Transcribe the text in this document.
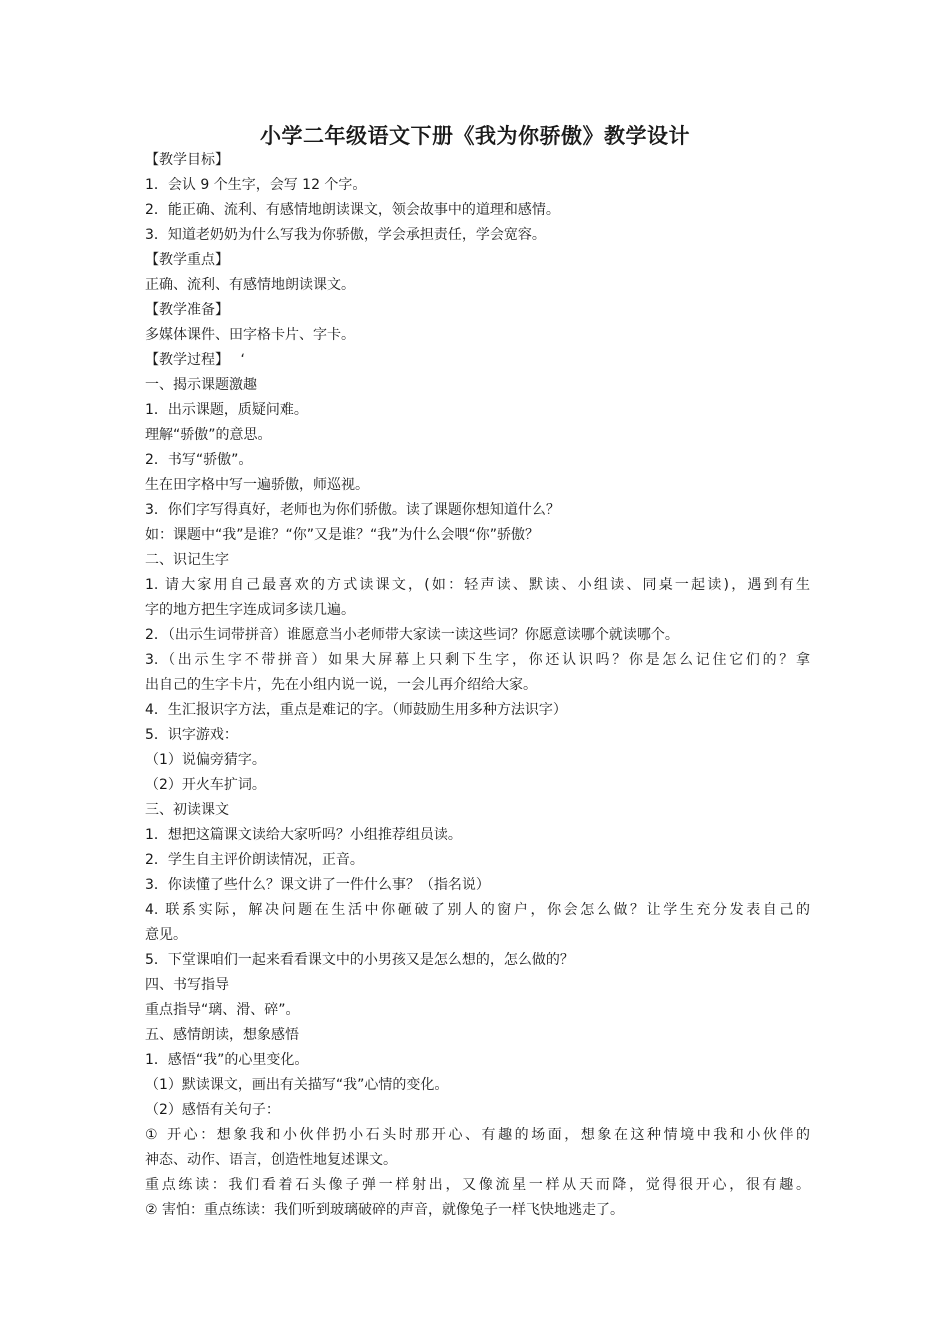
小学二年级语文下册《我为你骄傲》教学设计
【教学目标】
1．会认 9 个生字，会写 12 个字。
2．能正确、流利、有感情地朗读课文，领会故事中的道理和感情。
3．知道老奶奶为什么写我为你骄傲，学会承担责任，学会宽容。
【教学重点】
正确、流利、有感情地朗读课文。
【教学准备】
多媒体课件、田字格卡片、字卡。
【教学过程】　 ‘
一、揭示课题激趣
1．出示课题，质疑问难。
理解“骄傲”的意思。
2．书写“骄傲”。
生在田字格中写一遍骄傲，师巡视。
3．你们字写得真好，老师也为你们骄傲。读了课题你想知道什么？
如：课题中“我”是谁？“你”又是谁？“我”为什么会喂“你”骄傲？
二、识记生字
1. 请大家用自己最喜欢的方式读课文，(如：轻声读、默读、小组读、同桌一起读)，遇到有生
字的地方把生字连成词多读几遍。
2．（出示生词带拼音）谁愿意当小老师带大家读一读这些词？你愿意读哪个就读哪个。
3.（出示生字不带拼音）如果大屏幕上只剩下生字，你还认识吗？你是怎么记住它们的？拿
出自己的生字卡片，先在小组内说一说，一会儿再介绍给大家。
4．生汇报识字方法，重点是难记的字。（师鼓励生用多种方法识字）
5．识字游戏：
（1）说偏旁猜字。
（2）开火车扩词。
三、初读课文
1．想把这篇课文读给大家听吗？小组推荐组员读。
2．学生自主评价朗读情况，正音。
3．你读懂了些什么？课文讲了一件什么事？（指名说）
4. 联系实际，解决问题在生活中你砸破了别人的窗户，你会怎么做？让学生充分发表自己的
意见。
5．下堂课咱们一起来看看课文中的小男孩又是怎么想的，怎么做的？
四、书写指导
重点指导“璃、滑、碎”。
五、感情朗读，想象感悟
1．感悟“我”的心里变化。
（1）默读课文，画出有关描写“我”心情的变化。
（2）感悟有关句子：
① 开心：想象我和小伙伴扔小石头时那开心、有趣的场面，想象在这种情境中我和小伙伴的
神态、动作、语言，创造性地复述课文。
重点练读：我们看着石头像子弹一样射出，又像流星一样从天而降，觉得很开心，很有趣。
② 害怕：重点练读：我们听到玻璃破碎的声音，就像兔子一样飞快地逃走了。
